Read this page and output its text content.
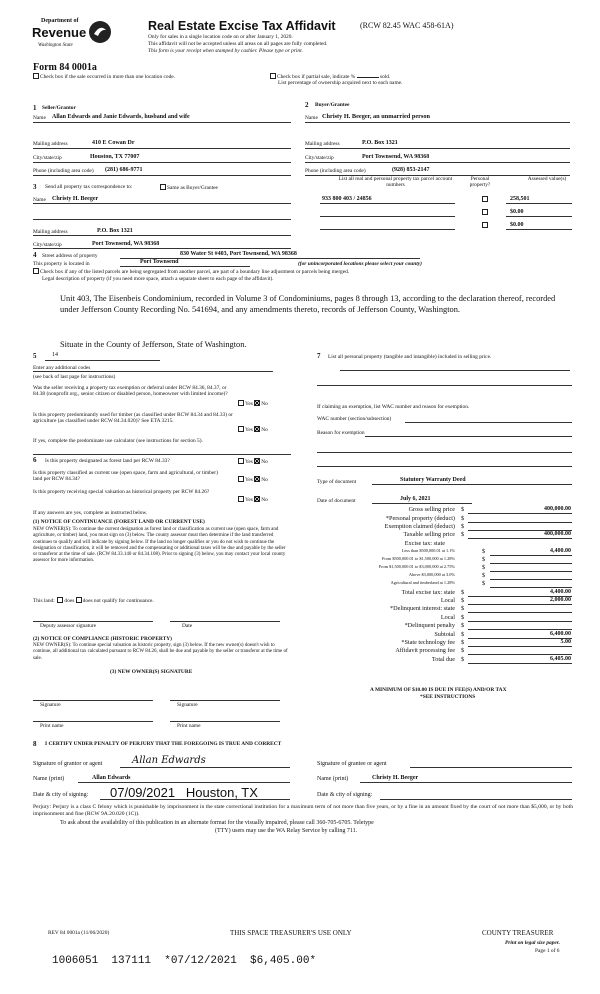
Department of
Revenue
Washington State
Real Estate Excise Tax Affidavit	(RCW 82.45 WAC 458-61A)
Only for sales in a single location code on or after January 1, 2020.
This affidavit will not be accepted unless all areas on all pages are fully completed.
This form is your receipt when stamped by cashier. Please type or print.
Form 84 0001a
Check box if the sale occurred in more than one location code.	Check box if partial sale, indicate %	sold.
List percentage of ownership acquired next to each name.
1 Seller/Grantor
Name Allan Edwards and Janie Edwards, husband and wife
Mailing address	410 E Cowan Dr
City/state/zip	Houston, TX 77007
Phone (including area code) (281) 686-9771
2 Buyer/Grantee
Name Christy H. Beeger, an unmarried person
Mailing address	P.O. Box 1321
City/state/zip	Port Townsend, WA 98368
Phone (including area code)	(928) 853-2147
3 Send all property tax correspondence to:	Same as Buyer/Grantee
Name Christy H. Beeger
Mailing address	P.O. Box 1321
City/state/zip	Port Townsend, WA 98368
List all real and personal property tax parcel account numbers
Personal property?
Assessed value(s)
933 800 403 / 24856	258,501
$0.00
$0.00
4 Street address of property	830 Water St #403, Port Townsend, WA 98368
This property is located in	Port Townsend	(for unincorporated locations please select your county)
Check box if any of the listed parcels are being segregated from another parcel, are part of a boundary line adjustment or parcels being merged.
Legal description of property (if you need more space, attach a separate sheet to each page of the affidavit).
Unit 403, The Eisenbeis Condominium, recorded in Volume 3 of Condominiums, pages 8 through 13, according to the declaration thereof, recorded under Jefferson County Recording No. 541694, and any amendments thereto, records of Jefferson County, Washington.
Situate in the County of Jefferson, State of Washington.
5	14
Enter any additional codes
(see back of last page for instructions)
Was the seller receiving a property tax exemption or deferral under RCW 84.36, 84.37, or 84.38 (nonprofit org., senior citizen or disabled person, homeowner with limited income)?
Yes No
Is this property predominantly used for timber (as classified under RCW 84.34 and 84.33) or agriculture (as classified under RCW 84.34.020)? See ETA 3215.
Yes No
If yes, complete the predominate use calculator (see instructions for section 5).
6 Is this property designated as forest land per RCW 84.33?	Yes No
Is this property classified as current use (open space, farm and agricultural, or timber) land per RCW 84.34?	Yes No
Is this property receiving special valuation as historical property per RCW 84.26?
Yes No
If any answers are yes, complete as instructed below.
(1) NOTICE OF CONTINUANCE (FOREST LAND OR CURRENT USE)
NEW OWNER(S): To continue the current designation as forest land or classification as current use (open space, farm and agriculture, or timber) land, you must sign on (3) below. The county assessor must then determine if the land transferred continues to qualify and will indicate by signing below. If the land no longer qualifies or you do not wish to continue the designation or classification, it will be removed and the compensating or additional taxes will be due and payable by the seller or transferor at the time of sale. (RCW 84.33.140 or 84.34.108). Prior to signing (3) below, you may contact your local county assessor for more information.
This land: does does not qualify for continuance.
Deputy assessor signature	Date
(2) NOTICE OF COMPLIANCE (HISTORIC PROPERTY)
NEW OWNER(S): To continue special valuation as historic property, sign (3) below. If the new owner(s) doesn't wish to continue, all additional tax calculated pursuant to RCW 84.26, shall be due and payable by the seller or transferor at the time of sale.
(3) NEW OWNER(S) SIGNATURE
Signature	Signature
Print name	Print name
7 List all personal property (tangible and intangible) included in selling price.
If claiming an exemption, list WAC number and reason for exemption.
WAC number (section/subsection)
Reason for exemption
Type of document	Statutory Warranty Deed
Date of document	July 6, 2021
Gross selling price $	400,000.00
*Personal property (deduct) $
Exemption claimed (deduct) $
Taxable selling price $	400,000.00
Excise tax: state
Less than $500,000.01 at 1.1%	$	4,400.00
From $500,000.01 to $1,500,000 at 1.28%	$
From $1,500,000.01 to $3,000,000 at 2.75%	$
Above $3,000,000 at 3.0%	$
Agricultural and timberland at 1.28%	$
Total excise tax: state $	4,400.00
Local $	2,000.00
*Delinquent interest: state $
Local $
*Delinquent penalty $
Subtotal $	6,400.00
*State technology fee $	5.00
Affidavit processing fee $
Total due $	6,405.00
A MINIMUM OF $10.00 IS DUE IN FEE(S) AND/OR TAX
*SEE INSTRUCTIONS
8 I CERTIFY UNDER PENALTY OF PERJURY THAT THE FOREGOING IS TRUE AND CORRECT
Signature of grantor or agent	Allan Edwards
Name (print)	Allan Edwards
Date & city of signing: 07/09/2021   Houston, TX
Signature of grantee or agent
Name (print)	Christy H. Beeger
Date & city of signing:
Perjury: Perjury is a class C felony which is punishable by imprisonment in the state correctional institution for a maximum term of not more than five years, or by a fine in an amount fixed by the court of not more than $5,000, or by both imprisonment and fine (RCW 9A.20.020 (1C)).
To ask about the availability of this publication in an alternate format for the visually impaired, please call 360-705-6705. Teletype
(TTY) users may use the WA Relay Service by calling 711.
REV 84 0001a (11/06/2020)	THIS SPACE TREASURER'S USE ONLY	COUNTY TREASURER
Print on legal size paper.
Page 1 of 6
1006051  137111  *07/12/2021  $6,405.00*
